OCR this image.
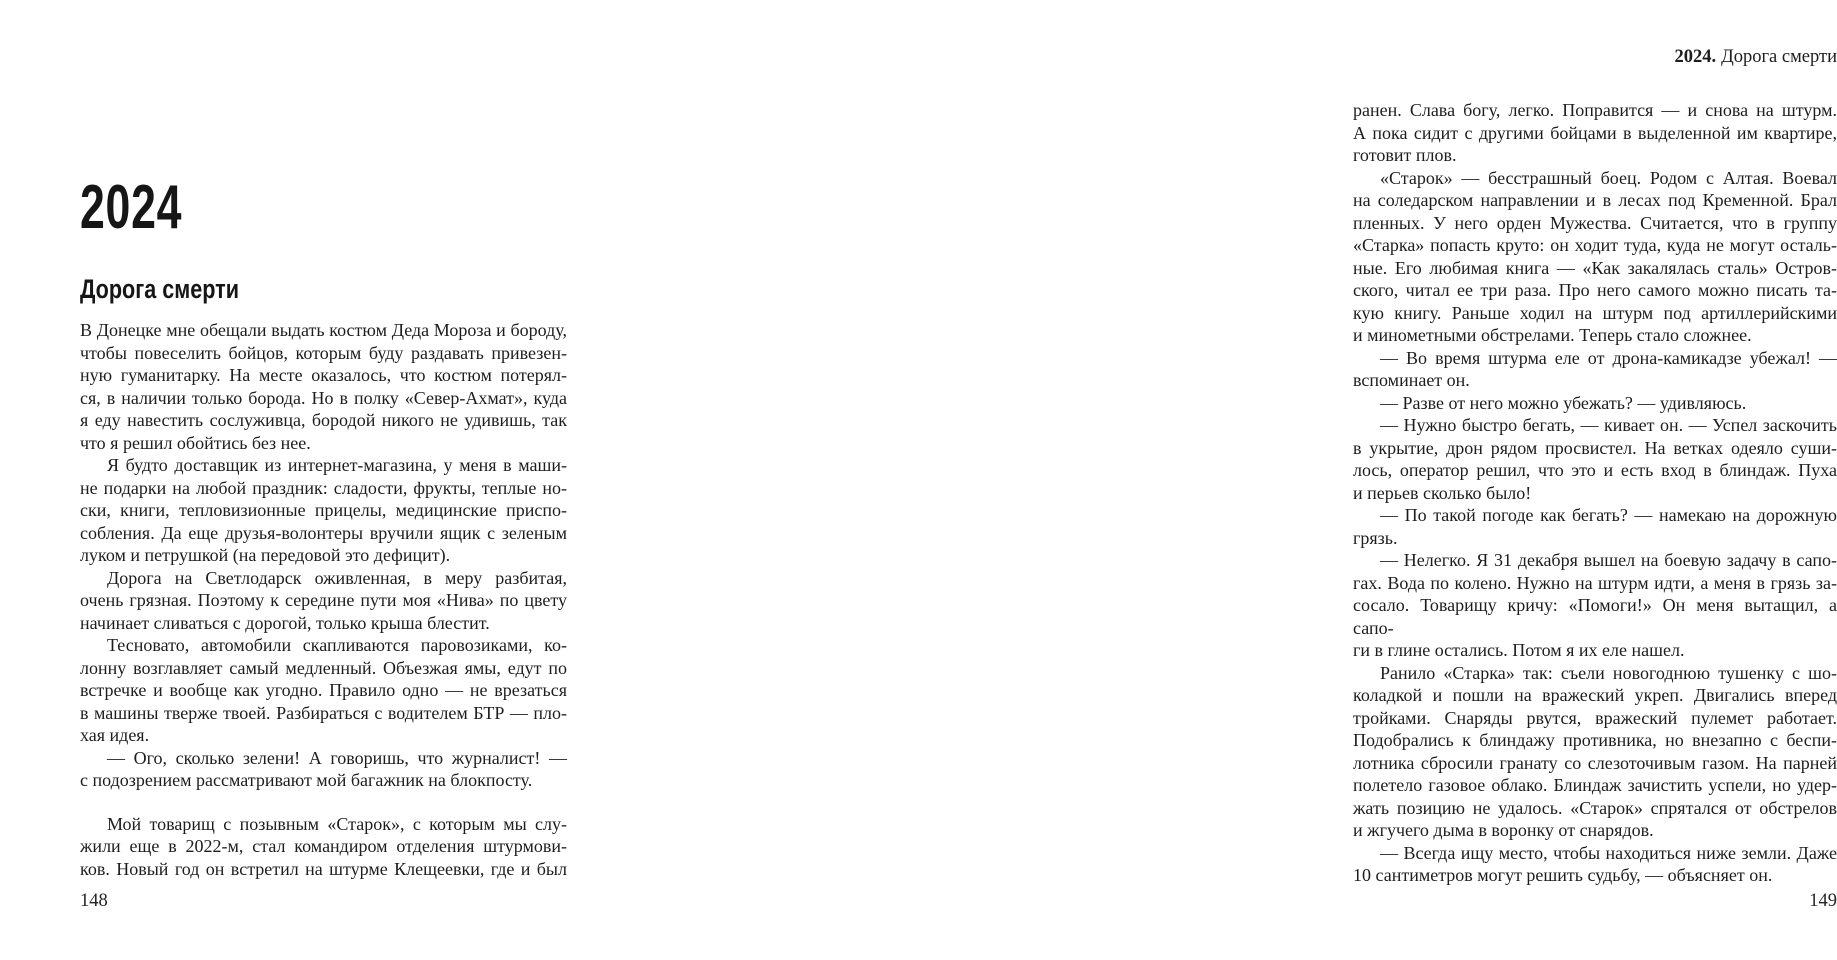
2024
Дорога смерти
В Донецке мне обещали выдать костюм Деда Мороза и бороду,
чтобы повеселить бойцов, которым буду раздавать привезен-
ную гуманитарку. На месте оказалось, что костюм потерял-
ся, в наличии только борода. Но в полку «Север-Ахмат», куда
я еду навестить сослуживца, бородой никого не удивишь, так
что я решил обойтись без нее.
Я будто доставщик из интернет-магазина, у меня в маши-
не подарки на любой праздник: сладости, фрукты, теплые но-
ски, книги, тепловизионные прицелы, медицинские приспо-
собления. Да еще друзья-волонтеры вручили ящик с зеленым
луком и петрушкой (на передовой это дефицит).
Дорога на Светлодарск оживленная, в меру разбитая,
очень грязная. Поэтому к середине пути моя «Нива» по цвету
начинает сливаться с дорогой, только крыша блестит.
Тесновато, автомобили скапливаются паровозиками, ко-
лонну возглавляет самый медленный. Объезжая ямы, едут по
встречке и вообще как угодно. Правило одно — не врезаться
в машины тверже твоей. Разбираться с водителем БТР — пло-
хая идея.
— Ого, сколько зелени! А говоришь, что журналист! —
с подозрением рассматривают мой багажник на блокпосту.
Мой товарищ с позывным «Старок», с которым мы слу-
жили еще в 2022-м, стал командиром отделения штурмови-
ков. Новый год он встретил на штурме Клещеевки, где и был
148
2024. Дорога смерти
ранен. Слава богу, легко. Поправится — и снова на штурм.
А пока сидит с другими бойцами в выделенной им квартире,
готовит плов.
«Старок» — бесстрашный боец. Родом с Алтая. Воевал
на соледарском направлении и в лесах под Кременной. Брал
пленных. У него орден Мужества. Считается, что в группу
«Старка» попасть круто: он ходит туда, куда не могут осталь-
ные. Его любимая книга — «Как закалялась сталь» Остров-
ского, читал ее три раза. Про него самого можно писать та-
кую книгу. Раньше ходил на штурм под артиллерийскими
и минометными обстрелами. Теперь стало сложнее.
— Во время штурма еле от дрона-камикадзе убежал! —
вспоминает он.
— Разве от него можно убежать? — удивляюсь.
— Нужно быстро бегать, — кивает он. — Успел заскочить
в укрытие, дрон рядом просвистел. На ветках одеяло суши-
лось, оператор решил, что это и есть вход в блиндаж. Пуха
и перьев сколько было!
— По такой погоде как бегать? — намекаю на дорожную
грязь.
— Нелегко. Я 31 декабря вышел на боевую задачу в сапо-
гах. Вода по колено. Нужно на штурм идти, а меня в грязь за-
сосало. Товарищу кричу: «Помоги!» Он меня вытащил, а сапо-
ги в глине остались. Потом я их еле нашел.
Ранило «Старка» так: съели новогоднюю тушенку с шо-
коладкой и пошли на вражеский укреп. Двигались вперед
тройками. Снаряды рвутся, вражеский пулемет работает.
Подобрались к блиндажу противника, но внезапно с беспи-
лотника сбросили гранату со слезоточивым газом. На парней
полетело газовое облако. Блиндаж зачистить успели, но удер-
жать позицию не удалось. «Старок» спрятался от обстрелов
и жгучего дыма в воронку от снарядов.
— Всегда ищу место, чтобы находиться ниже земли. Даже
10 сантиметров могут решить судьбу, — объясняет он.
149
